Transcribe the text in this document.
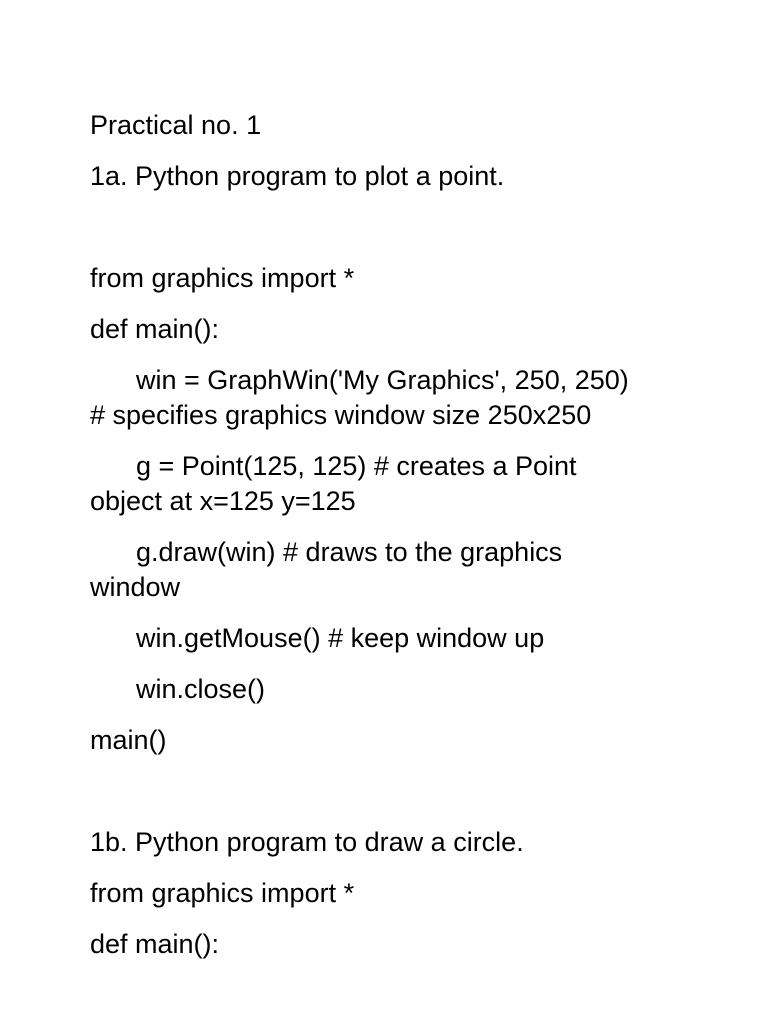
Practical no. 1

1a. Python program to plot a point.

from graphics import *

def main():

win = GraphWin('My Graphics', 250, 250) # specifies graphics window size 250x250

g = Point(125, 125) # creates a Point object at x=125 y=125

g.draw(win) # draws to the graphics window

win.getMouse() # keep window up

win.close()

main()

1b. Python program to draw a circle.

from graphics import *

def main():
